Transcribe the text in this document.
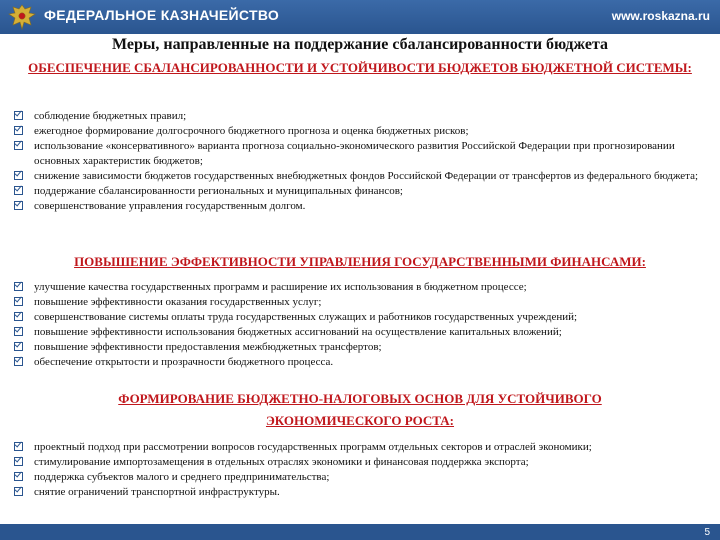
ФЕДЕРАЛЬНОЕ КАЗНАЧЕЙСТВО	www.roskazna.ru
Меры, направленные на поддержание сбалансированности бюджета
ОБЕСПЕЧЕНИЕ СБАЛАНСИРОВАННОСТИ И УСТОЙЧИВОСТИ БЮДЖЕТОВ БЮДЖЕТНОЙ СИСТЕМЫ:
соблюдение бюджетных правил;
ежегодное формирование долгосрочного бюджетного прогноза и оценка бюджетных рисков;
использование «консервативного» варианта прогноза социально-экономического развития Российской Федерации при прогнозировании основных характеристик бюджетов;
снижение зависимости бюджетов государственных внебюджетных фондов Российской Федерации от трансфертов из федерального бюджета;
поддержание сбалансированности региональных и муниципальных финансов;
совершенствование управления государственным долгом.
ПОВЫШЕНИЕ ЭФФЕКТИВНОСТИ УПРАВЛЕНИЯ ГОСУДАРСТВЕННЫМИ ФИНАНСАМИ:
улучшение качества государственных программ и расширение их использования в бюджетном процессе;
повышение эффективности оказания государственных услуг;
совершенствование системы оплаты труда государственных служащих и работников государственных учреждений;
повышение эффективности использования бюджетных ассигнований на осуществление капитальных вложений;
повышение эффективности предоставления межбюджетных трансфертов;
обеспечение открытости и прозрачности бюджетного процесса.
ФОРМИРОВАНИЕ БЮДЖЕТНО-НАЛОГОВЫХ ОСНОВ ДЛЯ УСТОЙЧИВОГО ЭКОНОМИЧЕСКОГО РОСТА:
проектный подход при рассмотрении вопросов государственных программ отдельных секторов и отраслей экономики;
стимулирование импортозамещения в отдельных отраслях экономики и финансовая поддержка экспорта;
поддержка субъектов малого и среднего предпринимательства;
снятие ограничений транспортной инфраструктуры.
5
